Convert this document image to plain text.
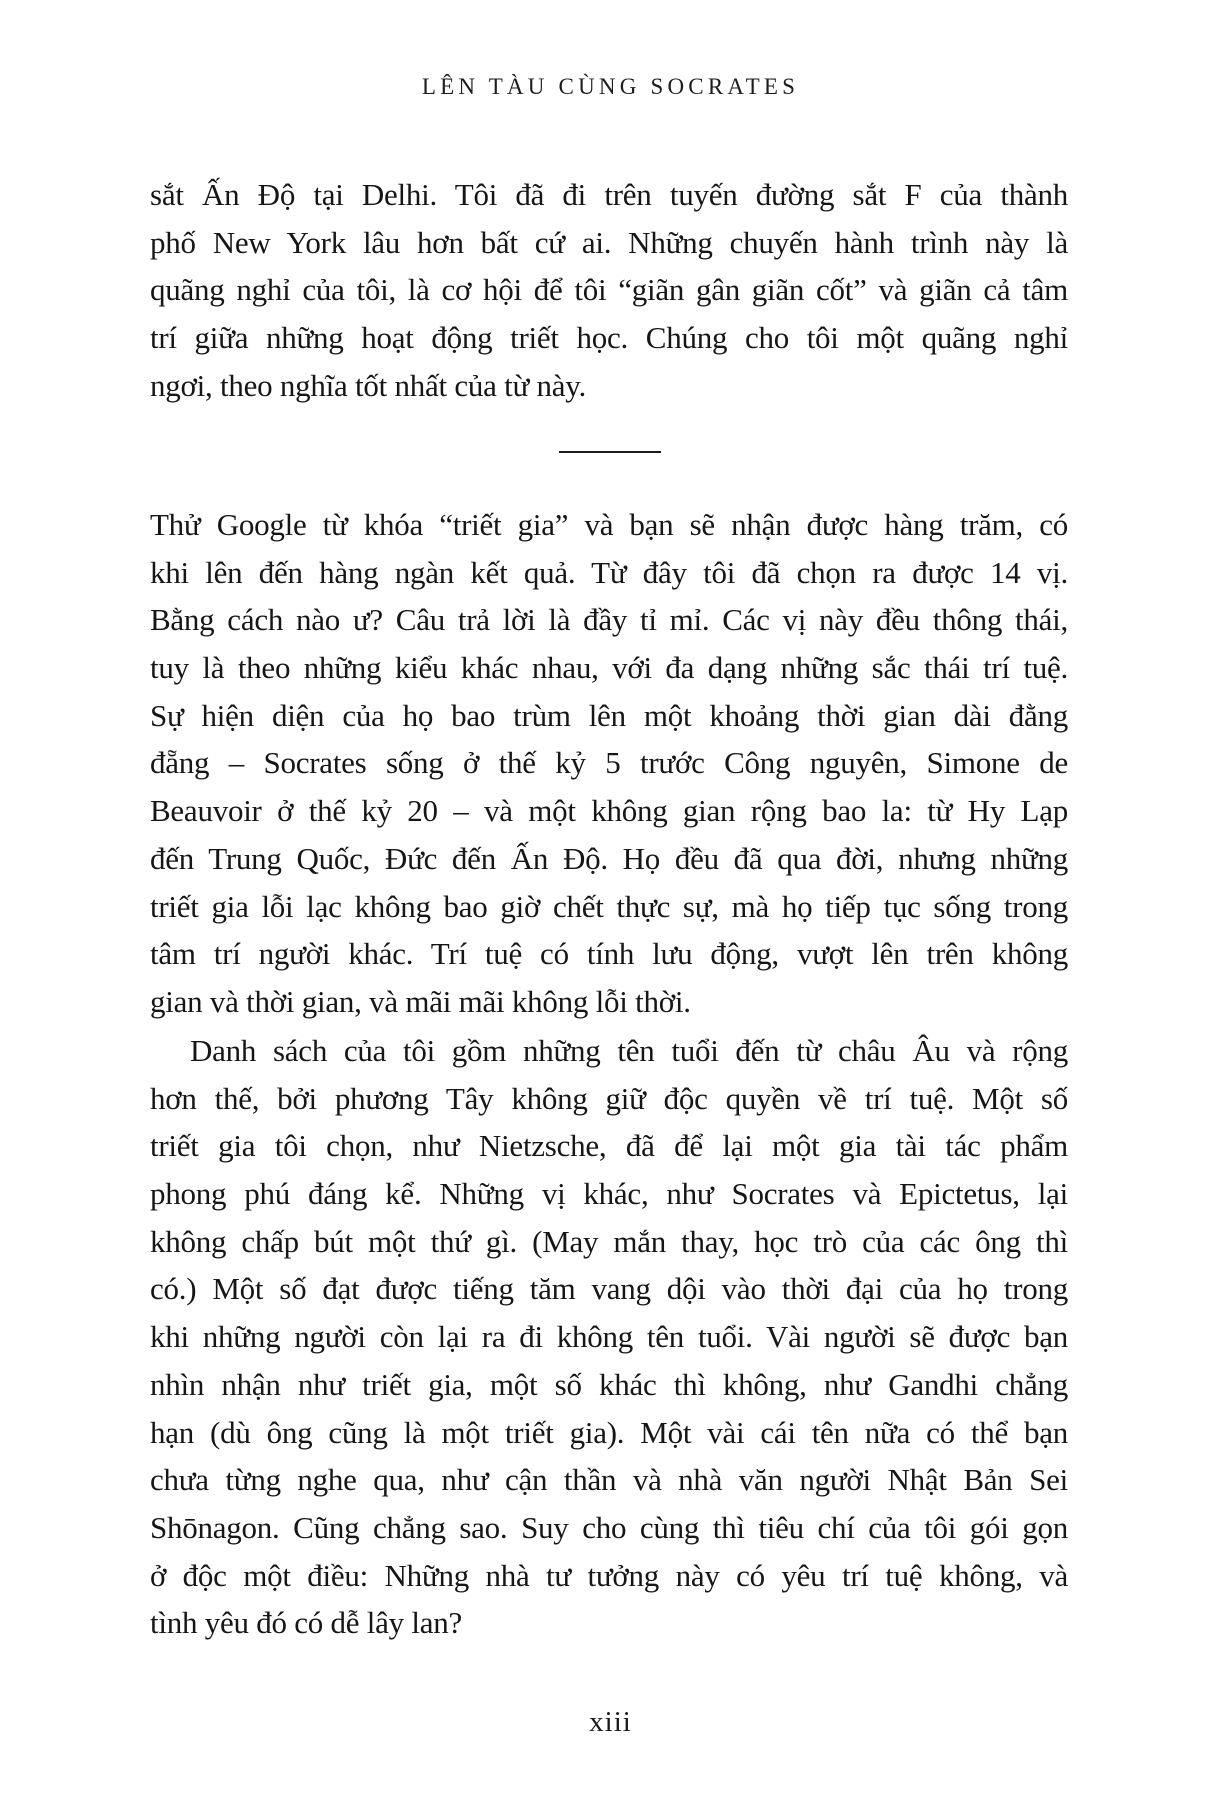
LÊN TÀU CÙNG SOCRATES
sắt Ấn Độ tại Delhi. Tôi đã đi trên tuyến đường sắt F của thành
phố New York lâu hơn bất cứ ai. Những chuyến hành trình này là
quãng nghỉ của tôi, là cơ hội để tôi “giãn gân giãn cốt” và giãn cả tâm
trí giữa những hoạt động triết học. Chúng cho tôi một quãng nghỉ
ngơi, theo nghĩa tốt nhất của từ này.
Thử Google từ khóa “triết gia” và bạn sẽ nhận được hàng trăm, có
khi lên đến hàng ngàn kết quả. Từ đây tôi đã chọn ra được 14 vị.
Bằng cách nào ư? Câu trả lời là đầy tỉ mỉ. Các vị này đều thông thái,
tuy là theo những kiểu khác nhau, với đa dạng những sắc thái trí tuệ.
Sự hiện diện của họ bao trùm lên một khoảng thời gian dài đằng
đẵng – Socrates sống ở thế kỷ 5 trước Công nguyên, Simone de
Beauvoir ở thế kỷ 20 – và một không gian rộng bao la: từ Hy Lạp
đến Trung Quốc, Đức đến Ấn Độ. Họ đều đã qua đời, nhưng những
triết gia lỗi lạc không bao giờ chết thực sự, mà họ tiếp tục sống trong
tâm trí người khác. Trí tuệ có tính lưu động, vượt lên trên không
gian và thời gian, và mãi mãi không lỗi thời.
Danh sách của tôi gồm những tên tuổi đến từ châu Âu và rộng
hơn thế, bởi phương Tây không giữ độc quyền về trí tuệ. Một số
triết gia tôi chọn, như Nietzsche, đã để lại một gia tài tác phẩm
phong phú đáng kể. Những vị khác, như Socrates và Epictetus, lại
không chấp bút một thứ gì. (May mắn thay, học trò của các ông thì
có.) Một số đạt được tiếng tăm vang dội vào thời đại của họ trong
khi những người còn lại ra đi không tên tuổi. Vài người sẽ được bạn
nhìn nhận như triết gia, một số khác thì không, như Gandhi chẳng
hạn (dù ông cũng là một triết gia). Một vài cái tên nữa có thể bạn
chưa từng nghe qua, như cận thần và nhà văn người Nhật Bản Sei
Shōnagon. Cũng chẳng sao. Suy cho cùng thì tiêu chí của tôi gói gọn
ở độc một điều: Những nhà tư tưởng này có yêu trí tuệ không, và
tình yêu đó có dễ lây lan?
xiii
